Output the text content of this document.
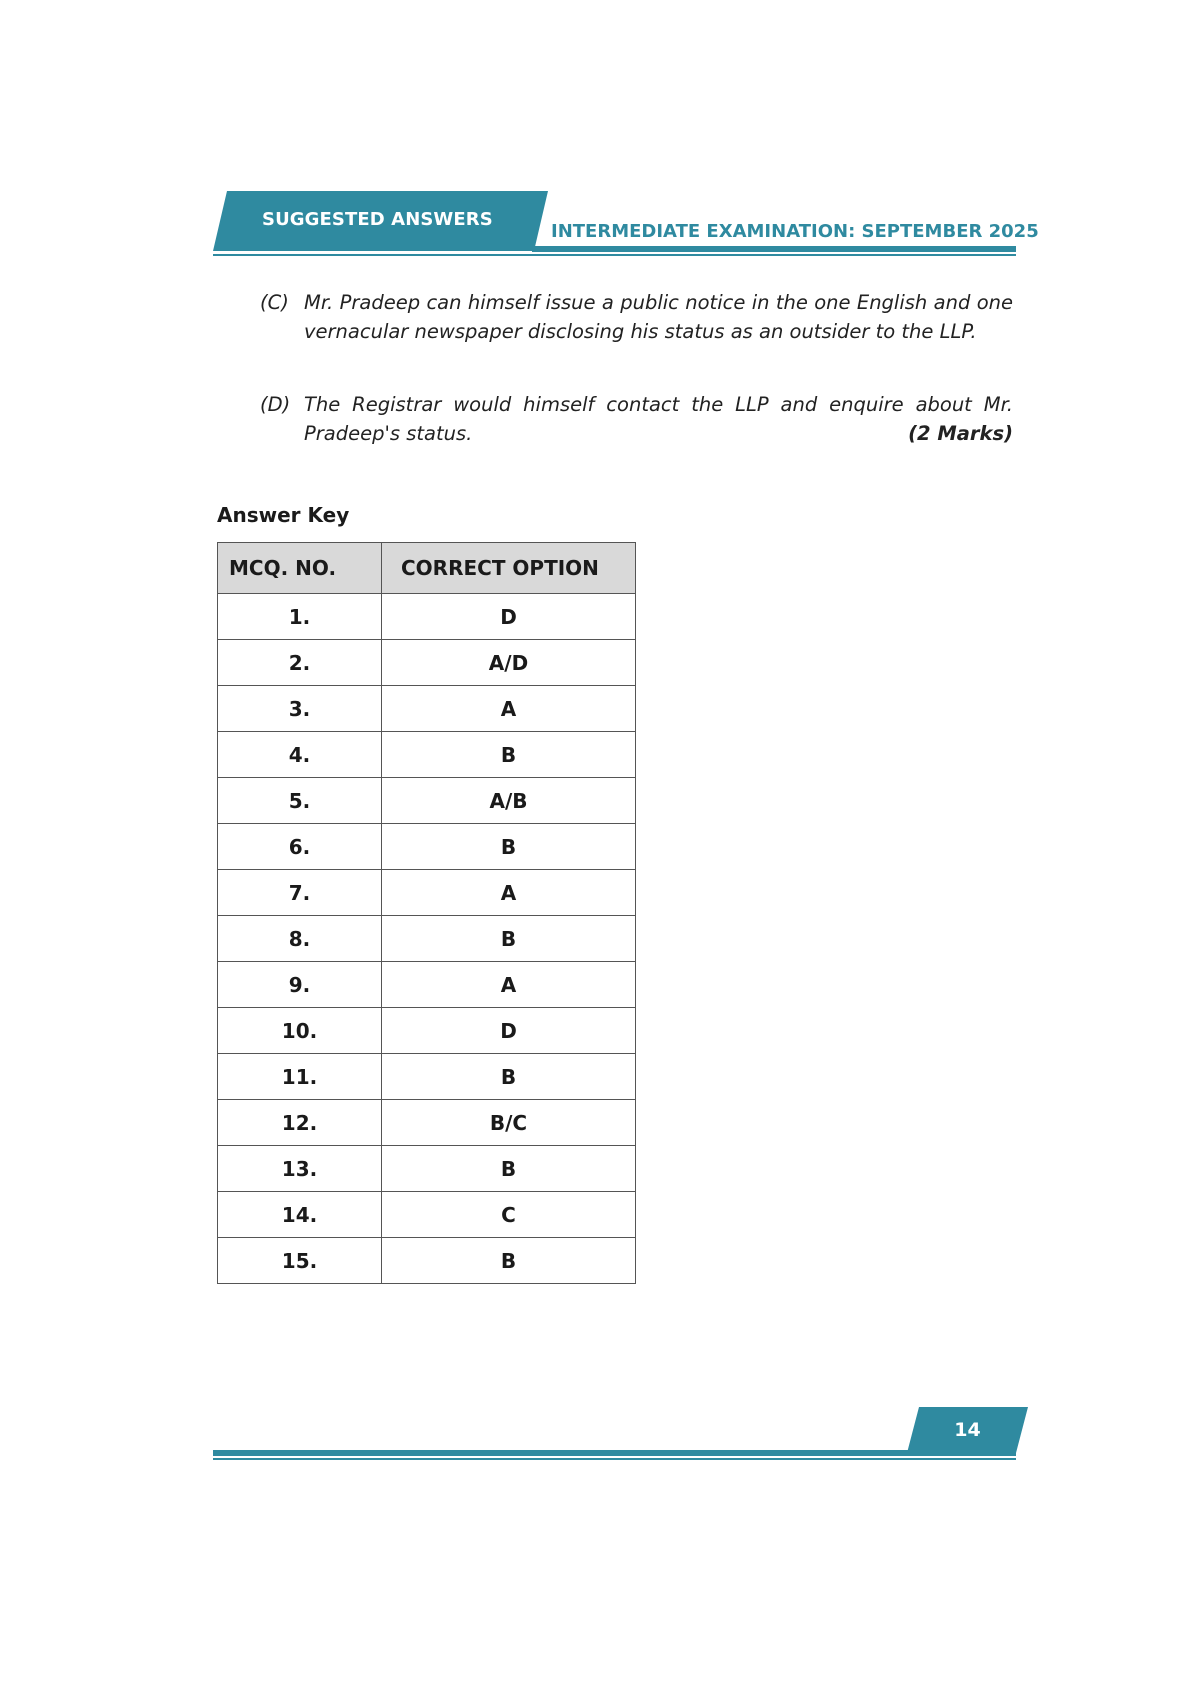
SUGGESTED ANSWERS
INTERMEDIATE EXAMINATION: SEPTEMBER 2025
(C) Mr. Pradeep can himself issue a public notice in the one English and one vernacular newspaper disclosing his status as an outsider to the LLP.
(D) The Registrar would himself contact the LLP and enquire about Mr. Pradeep's status.	(2 Marks)
Answer Key
MCQ. NO.	CORRECT OPTION
1.	D
2.	A/D
3.	A
4.	B
5.	A/B
6.	B
7.	A
8.	B
9.	A
10.	D
11.	B
12.	B/C
13.	B
14.	C
15.	B
14
